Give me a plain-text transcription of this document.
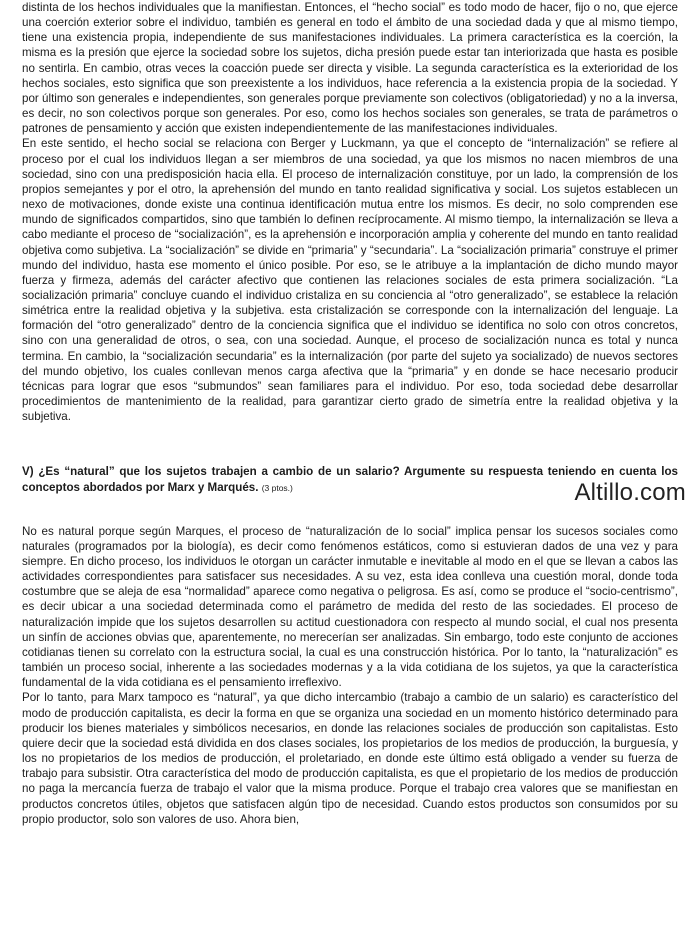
distinta de los hechos individuales que la manifiestan. Entonces, el “hecho social” es todo modo de hacer, fijo o no, que ejerce una coerción exterior sobre el individuo, también es general en todo el ámbito de una sociedad dada y que al mismo tiempo, tiene una existencia propia, independiente de sus manifestaciones individuales. La primera característica es la coerción, la misma es la presión que ejerce la sociedad sobre los sujetos, dicha presión puede estar tan interiorizada que hasta es posible no sentirla. En cambio, otras veces la coacción puede ser directa y visible. La segunda característica es la exterioridad de los hechos sociales, esto significa que son preexistente a los individuos, hace referencia a la existencia propia de la sociedad. Y por último son generales e independientes, son generales porque previamente son colectivos (obligatoriedad) y no a la inversa, es decir, no son colectivos porque son generales. Por eso, como los hechos sociales son generales, se trata de parámetros o patrones de pensamiento y acción que existen independientemente de las manifestaciones individuales.

En este sentido, el hecho social se relaciona con Berger y Luckmann, ya que el concepto de “internalización” se refiere al proceso por el cual los individuos llegan a ser miembros de una sociedad, ya que los mismos no nacen miembros de una sociedad, sino con una predisposición hacia ella. El proceso de internalización constituye, por un lado, la comprensión de los propios semejantes y por el otro, la aprehensión del mundo en tanto realidad significativa y social. Los sujetos establecen un nexo de motivaciones, donde existe una continua identificación mutua entre los mismos. Es decir, no solo comprenden ese mundo de significados compartidos, sino que también lo definen recíprocamente. Al mismo tiempo, la internalización se lleva a cabo mediante el proceso de “socialización”, es la aprehensión e incorporación amplia y coherente del mundo en tanto realidad objetiva como subjetiva. La “socialización” se divide en “primaria” y “secundaria”. La “socialización primaria” construye el primer mundo del individuo, hasta ese momento el único posible. Por eso, se le atribuye a la implantación de dicho mundo mayor fuerza y firmeza, además del carácter afectivo que contienen las relaciones sociales de esta primera socialización. “La socialización primaria” concluye cuando el individuo cristaliza en su conciencia al “otro generalizado”, se establece la relación simétrica entre la realidad objetiva y la subjetiva. esta cristalización se corresponde con la internalización del lenguaje. La formación del “otro generalizado” dentro de la conciencia significa que el individuo se identifica no solo con otros concretos, sino con una generalidad de otros, o sea, con una sociedad. Aunque, el proceso de socialización nunca es total y nunca termina. En cambio, la “socialización secundaria” es la internalización (por parte del sujeto ya socializado) de nuevos sectores del mundo objetivo, los cuales conllevan menos carga afectiva que la “primaria” y en donde se hace necesario producir técnicas para lograr que esos “submundos” sean familiares para el individuo. Por eso, toda sociedad debe desarrollar procedimientos de mantenimiento de la realidad, para garantizar cierto grado de simetría entre la realidad objetiva y la subjetiva.

V) ¿Es “natural” que los sujetos trabajen a cambio de un salario? Argumente su respuesta teniendo en cuenta los conceptos abordados por Marx y Marqués. (3 ptos.)

No es natural porque según Marques, el proceso de “naturalización de lo social” implica pensar los sucesos sociales como naturales (programados por la biología), es decir como fenómenos estáticos, como si estuvieran dados de una vez y para siempre. En dicho proceso, los individuos le otorgan un carácter inmutable e inevitable al modo en el que se llevan a cabos las actividades correspondientes para satisfacer sus necesidades. A su vez, esta idea conlleva una cuestión moral, donde toda costumbre que se aleja de esa “normalidad” aparece como negativa o peligrosa. Es así, como se produce el “socio-centrismo”, es decir ubicar a una sociedad determinada como el parámetro de medida del resto de las sociedades. El proceso de naturalización impide que los sujetos desarrollen su actitud cuestionadora con respecto al mundo social, el cual nos presenta un sinfín de acciones obvias que, aparentemente, no merecerían ser analizadas. Sin embargo, todo este conjunto de acciones cotidianas tienen su correlato con la estructura social, la cual es una construcción histórica. Por lo tanto, la “naturalización” es también un proceso social, inherente a las sociedades modernas y a la vida cotidiana de los sujetos, ya que la característica fundamental de la vida cotidiana es el pensamiento irreflexivo.

Por lo tanto, para Marx tampoco es “natural”, ya que dicho intercambio (trabajo a cambio de un salario) es característico del modo de producción capitalista, es decir la forma en que se organiza una sociedad en un momento histórico determinado para producir los bienes materiales y simbólicos necesarios, en donde las relaciones sociales de producción son capitalistas. Esto quiere decir que la sociedad está dividida en dos clases sociales, los propietarios de los medios de producción, la burguesía, y los no propietarios de los medios de producción, el proletariado, en donde este último está obligado a vender su fuerza de trabajo para subsistir. Otra característica del modo de producción capitalista, es que el propietario de los medios de producción no paga la mercancía fuerza de trabajo el valor que la misma produce. Porque el trabajo crea valores que se manifiestan en productos concretos útiles, objetos que satisfacen algún tipo de necesidad. Cuando estos productos son consumidos por su propio productor, solo son valores de uso. Ahora bien,

Altillo.com
